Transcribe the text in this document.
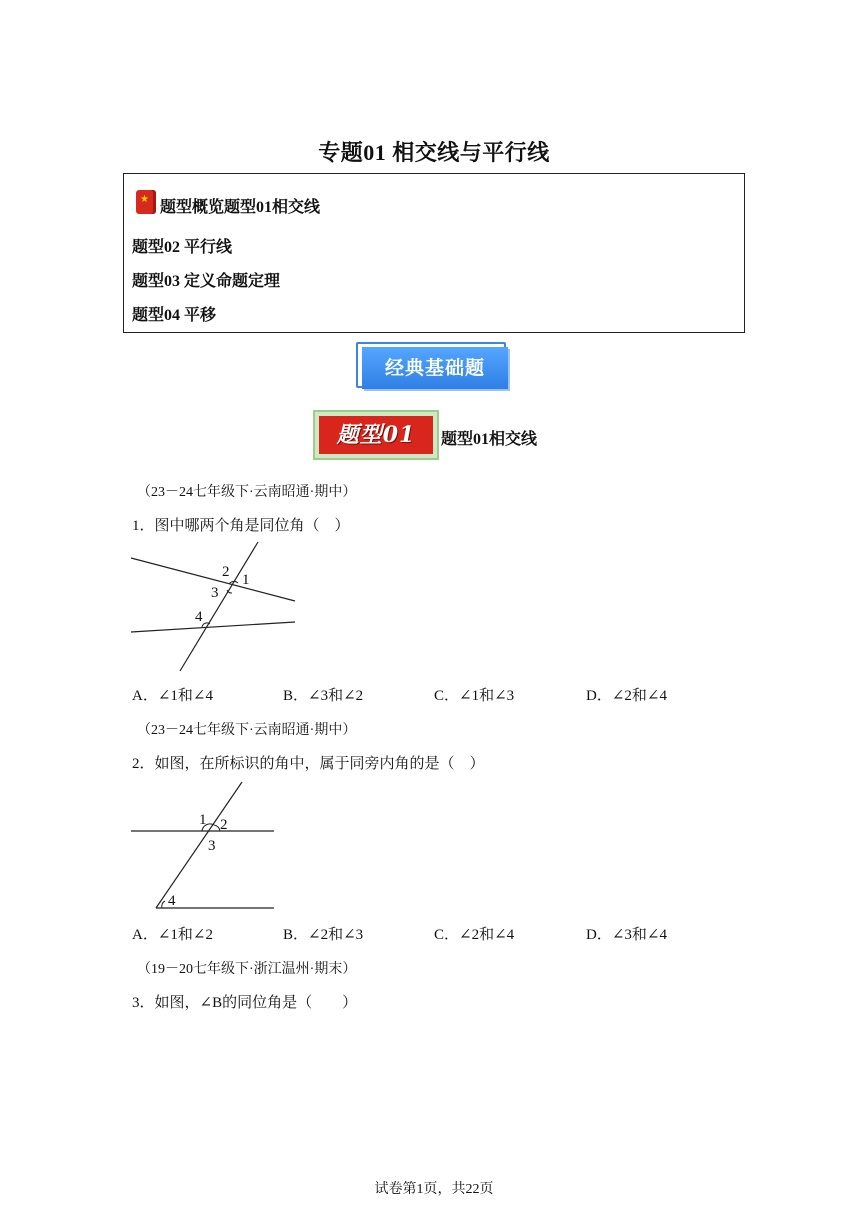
专题01 相交线与平行线
★
题型概览题型01相交线
题型02 平行线
题型03 定义命题定理
题型04 平移
经典基础题
题型01	题型01相交线
（23－24七年级下·云南昭通·期中）
1．图中哪两个角是同位角（　）
2 1
3
4
A．∠1和∠4	B．∠3和∠2	C．∠1和∠3	D．∠2和∠4
（23－24七年级下·云南昭通·期中）
2．如图，在所标识的角中，属于同旁内角的是（　）
1 2
3
4
A．∠1和∠2	B．∠2和∠3	C．∠2和∠4	D．∠3和∠4
（19－20七年级下·浙江温州·期末）
3．如图，∠B的同位角是（　　）
试卷第1页，共22页
